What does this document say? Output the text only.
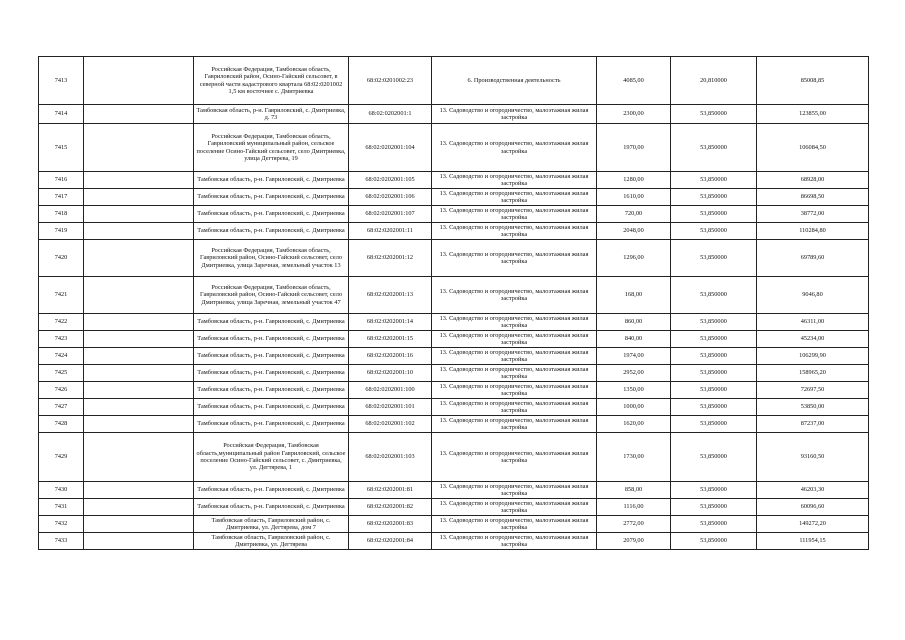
7413		Российская Федерация, Тамбовская область, Гавриловский район, Осино-Гайский сельсовет, в северной части кадастрового квартала 68:02:0201002 1,5 км восточнее с. Дмитриевка	68:02:0201002:23	6. Производственная деятельность	4085,00	20,810000	85008,85
7414		Тамбовская область, р-н. Гавриловский, с. Дмитриевка, д. 73	68:02:0202001:1	13. Садоводство и огородничество, малоэтажная жилая застройка	2300,00	53,850000	123855,00
7415		Российская Федерация, Тамбовская область, Гавриловский муниципальный район, сельское поселение Осино-Гайский сельсовет, село Дмитриевка, улица Дегтярева, 19	68:02:0202001:104	13. Садоводство и огородничество, малоэтажная жилая застройка	1970,00	53,850000	106084,50
7416		Тамбовская область, р-н. Гавриловский, с. Дмитриевка	68:02:0202001:105	13. Садоводство и огородничество, малоэтажная жилая застройка	1280,00	53,850000	68928,00
7417		Тамбовская область, р-н. Гавриловский, с. Дмитриевка	68:02:0202001:106	13. Садоводство и огородничество, малоэтажная жилая застройка	1610,00	53,850000	86698,50
7418		Тамбовская область, р-н. Гавриловский, с. Дмитриевка	68:02:0202001:107	13. Садоводство и огородничество, малоэтажная жилая застройка	720,00	53,850000	38772,00
7419		Тамбовская область, р-н. Гавриловский, с. Дмитриевка	68:02:0202001:11	13. Садоводство и огородничество, малоэтажная жилая застройка	2048,00	53,850000	110284,80
7420		Российская Федерация, Тамбовская область, Гавриловский район, Осино-Гайский сельсовет, село Дмитриевка, улица Заречная, земельный участок 13	68:02:0202001:12	13. Садоводство и огородничество, малоэтажная жилая застройка	1296,00	53,850000	69789,60
7421		Российская Федерация, Тамбовская область, Гавриловский район, Осино-Гайский сельсовет, село Дмитриевка, улица Заречная, земельный участок 47	68:02:0202001:13	13. Садоводство и огородничество, малоэтажная жилая застройка	168,00	53,850000	9046,80
7422		Тамбовская область, р-н. Гавриловский, с. Дмитриевка	68:02:0202001:14	13. Садоводство и огородничество, малоэтажная жилая застройка	860,00	53,850000	46311,00
7423		Тамбовская область, р-н. Гавриловский, с. Дмитриевка	68:02:0202001:15	13. Садоводство и огородничество, малоэтажная жилая застройка	840,00	53,850000	45234,00
7424		Тамбовская область, р-н. Гавриловский, с. Дмитриевка	68:02:0202001:16	13. Садоводство и огородничество, малоэтажная жилая застройка	1974,00	53,850000	106299,90
7425		Тамбовская область, р-н. Гавриловский, с. Дмитриевка	68:02:0202001:10	13. Садоводство и огородничество, малоэтажная жилая застройка	2952,00	53,850000	158965,20
7426		Тамбовская область, р-н. Гавриловский, с. Дмитриевка	68:02:0202001:100	13. Садоводство и огородничество, малоэтажная жилая застройка	1350,00	53,850000	72697,50
7427		Тамбовская область, р-н. Гавриловский, с. Дмитриевка	68:02:0202001:101	13. Садоводство и огородничество, малоэтажная жилая застройка	1000,00	53,850000	53850,00
7428		Тамбовская область, р-н. Гавриловский, с. Дмитриевка	68:02:0202001:102	13. Садоводство и огородничество, малоэтажная жилая застройка	1620,00	53,850000	87237,00
7429		Российская Федерация, Тамбовская область,муниципальный район Гавриловский, сельское поселение Осино-Гайский сельсовет, с. Дмитриевка, ул. Дегтярева, 1	68:02:0202001:103	13. Садоводство и огородничество, малоэтажная жилая застройка	1730,00	53,850000	93160,50
7430		Тамбовская область, р-н. Гавриловский, с. Дмитриевка	68:02:0202001:81	13. Садоводство и огородничество, малоэтажная жилая застройка	858,00	53,850000	46203,30
7431		Тамбовская область, р-н. Гавриловский, с. Дмитриевка	68:02:0202001:82	13. Садоводство и огородничество, малоэтажная жилая застройка	1116,00	53,850000	60096,60
7432		Тамбовская область, Гавриловский район, с. Дмитриевка, ул. Дегтярева, дом 7	68:02:0202001:83	13. Садоводство и огородничество, малоэтажная жилая застройка	2772,00	53,850000	149272,20
7433		Тамбовская область, Гавриловский район, с. Дмитриевка, ул. Дегтярева	68:02:0202001:84	13. Садоводство и огородничество, малоэтажная жилая застройка	2079,00	53,850000	111954,15
